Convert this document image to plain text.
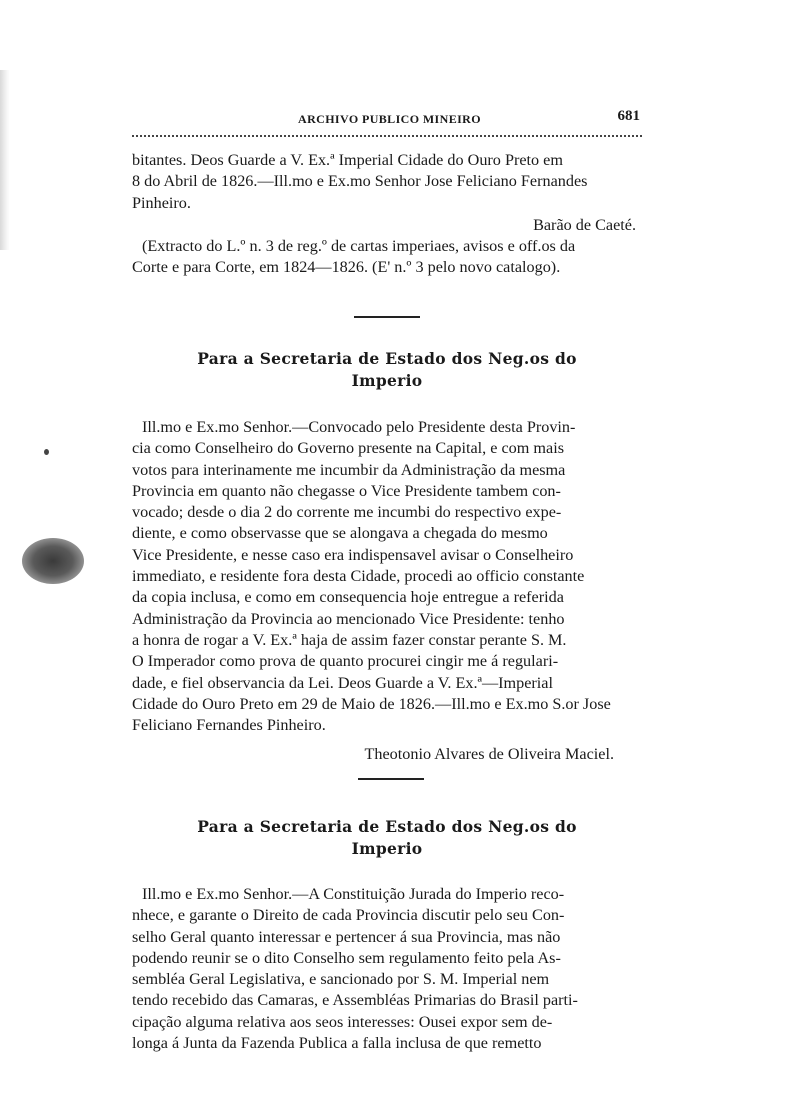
ARCHIVO PUBLICO MINEIRO	681

bitantes. Deos Guarde a V. Ex.ª Imperial Cidade do Ouro Preto em

8 do Abril de 1826.—Ill.mo e Ex.mo Senhor Jose Feliciano Fernandes

Pinheiro.

Barão de Caeté.

(Extracto do L.º n. 3 de reg.º de cartas imperiaes, avisos e off.os da

Corte e para Corte, em 1824—1826. (E' n.º 3 pelo novo catalogo).

Para a Secretaria de Estado dos Neg.os do
Imperio

Ill.mo e Ex.mo Senhor.—Convocado pelo Presidente desta Provin-

cia como Conselheiro do Governo presente na Capital, e com mais

votos para interinamente me incumbir da Administração da mesma

Provincia em quanto não chegasse o Vice Presidente tambem con-

vocado; desde o dia 2 do corrente me incumbi do respectivo expe-

diente, e como observasse que se alongava a chegada do mesmo

Vice Presidente, e nesse caso era indispensavel avisar o Conselheiro

immediato, e residente fora desta Cidade, procedi ao officio constante

da copia inclusa, e como em consequencia hoje entregue a referida

Administração da Provincia ao mencionado Vice Presidente: tenho

a honra de rogar a V. Ex.ª haja de assim fazer constar perante S. M.

O Imperador como prova de quanto procurei cingir me á regulari-

dade, e fiel observancia da Lei. Deos Guarde a V. Ex.ª—Imperial

Cidade do Ouro Preto em 29 de Maio de 1826.—Ill.mo e Ex.mo S.or Jose

Feliciano Fernandes Pinheiro.

Theotonio Alvares de Oliveira Maciel.

Para a Secretaria de Estado dos Neg.os do
Imperio

Ill.mo e Ex.mo Senhor.—A Constituição Jurada do Imperio reco-

nhece, e garante o Direito de cada Provincia discutir pelo seu Con-

selho Geral quanto interessar e pertencer á sua Provincia, mas não

podendo reunir se o dito Conselho sem regulamento feito pela As-

sembléa Geral Legislativa, e sancionado por S. M. Imperial nem

tendo recebido das Camaras, e Assembléas Primarias do Brasil parti-

cipação alguma relativa aos seos interesses: Ousei expor sem de-

longa á Junta da Fazenda Publica a falla inclusa de que remetto
